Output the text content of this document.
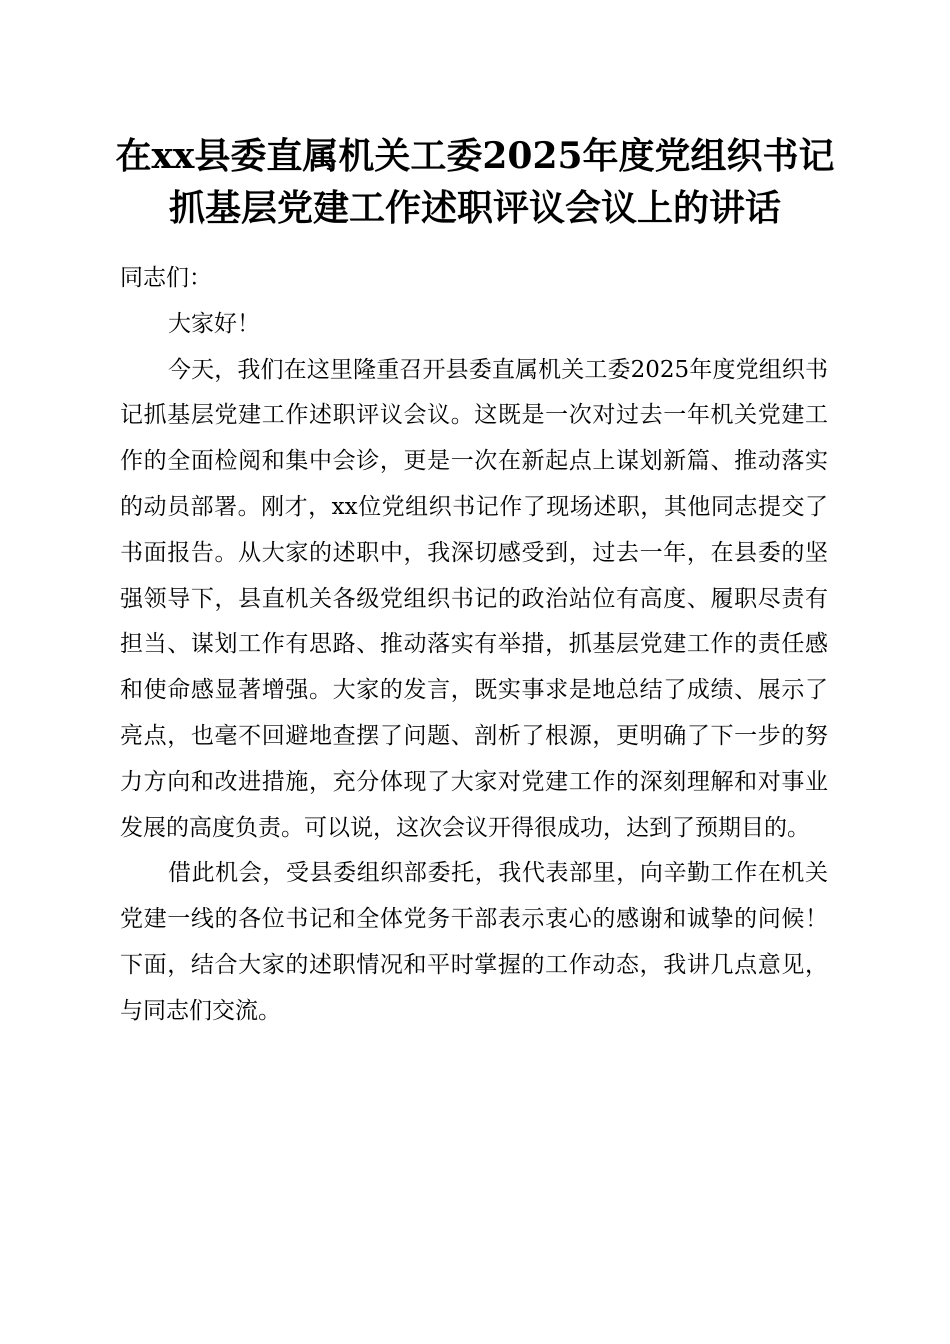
在xx县委直属机关工委2025年度党组织书记
抓基层党建工作述职评议会议上的讲话

同志们：

大家好！

今天，我们在这里隆重召开县委直属机关工委2025年度党组织书记抓基层党建工作述职评议会议。这既是一次对过去一年机关党建工作的全面检阅和集中会诊，更是一次在新起点上谋划新篇、推动落实的动员部署。刚才，xx位党组织书记作了现场述职，其他同志提交了书面报告。从大家的述职中，我深切感受到，过去一年，在县委的坚强领导下，县直机关各级党组织书记的政治站位有高度、履职尽责有担当、谋划工作有思路、推动落实有举措，抓基层党建工作的责任感和使命感显著增强。大家的发言，既实事求是地总结了成绩、展示了亮点，也毫不回避地查摆了问题、剖析了根源，更明确了下一步的努力方向和改进措施，充分体现了大家对党建工作的深刻理解和对事业发展的高度负责。可以说，这次会议开得很成功，达到了预期目的。

借此机会，受县委组织部委托，我代表部里，向辛勤工作在机关党建一线的各位书记和全体党务干部表示衷心的感谢和诚挚的问候！下面，结合大家的述职情况和平时掌握的工作动态，我讲几点意见，与同志们交流。
